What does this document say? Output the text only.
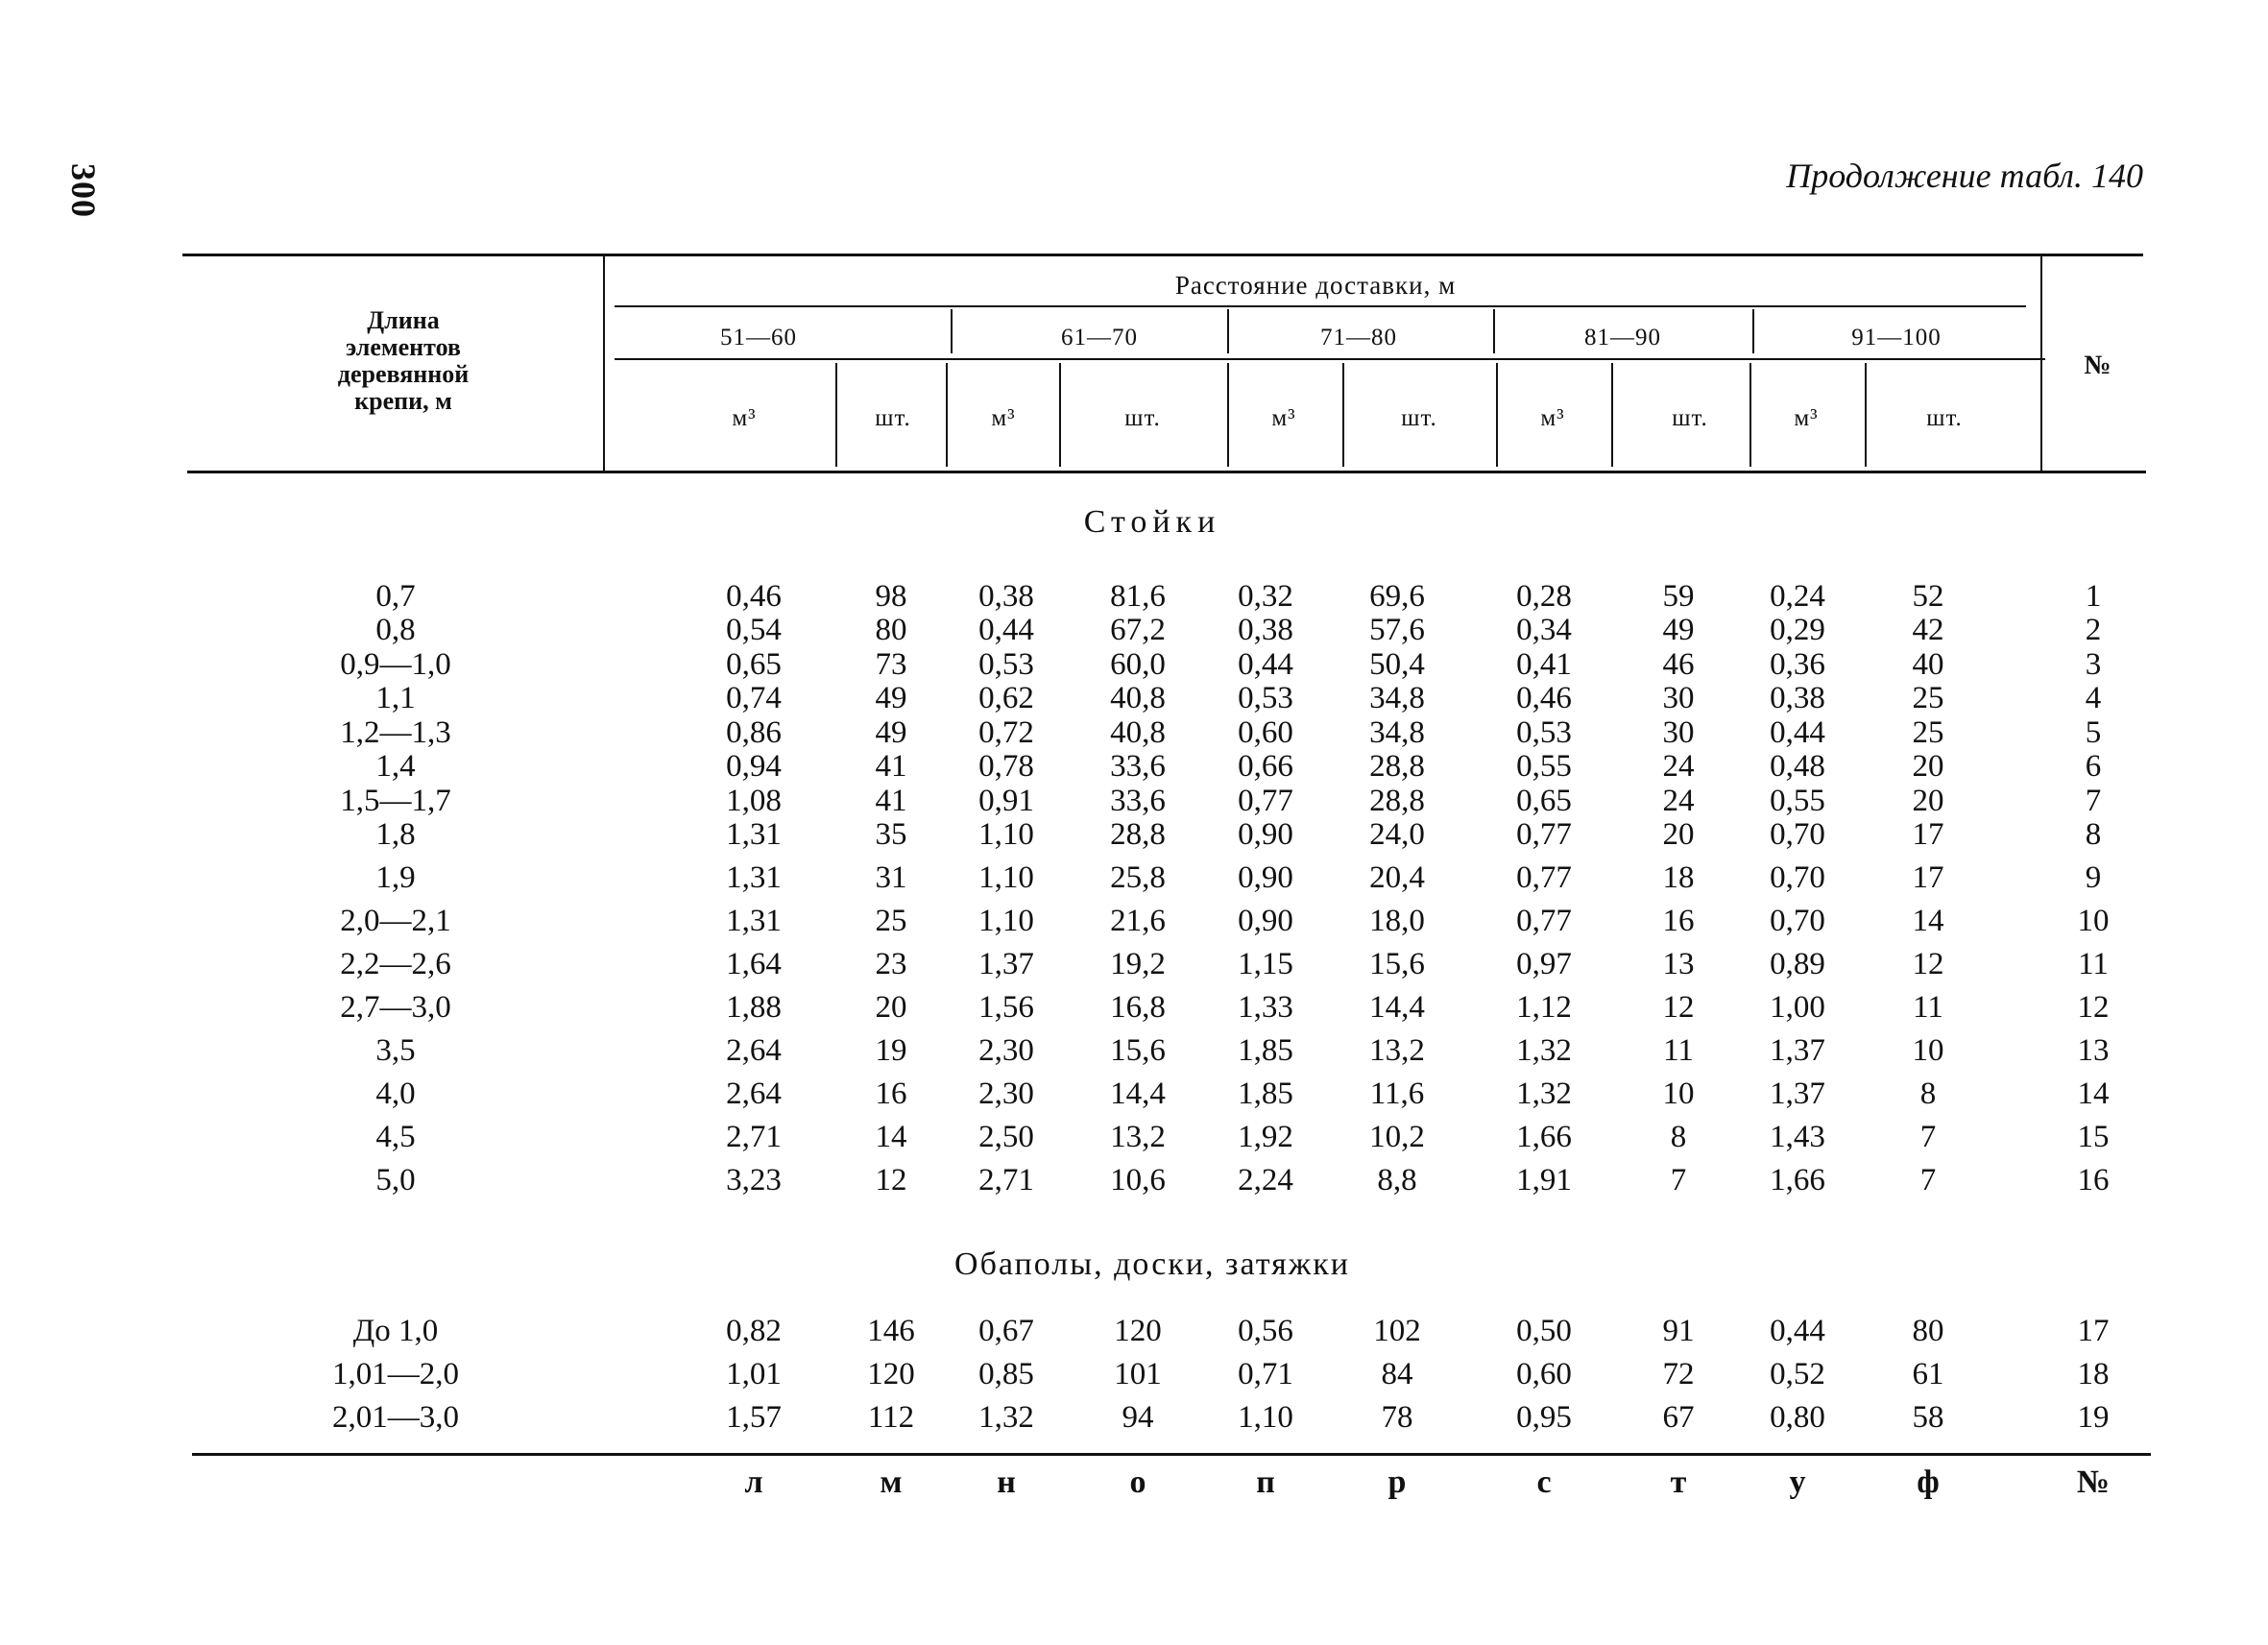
300	Продолжение табл. 140
Длина
элементов
деревянной
крепи, м
Расстояние доставки, м
51—60	61—70	71—80	81—90	91—100
м³	шт.	м³	шт.	м³	шт.	м³	шт.	м³	шт.
№
Стойки
Обаполы, доски, затяжки
0,7	0,46	98	0,38	81,6	0,32	69,6	0,28	59	0,24	52	1
0,8	0,54	80	0,44	67,2	0,38	57,6	0,34	49	0,29	42	2
0,9—1,0	0,65	73	0,53	60,0	0,44	50,4	0,41	46	0,36	40	3
1,1	0,74	49	0,62	40,8	0,53	34,8	0,46	30	0,38	25	4
1,2—1,3	0,86	49	0,72	40,8	0,60	34,8	0,53	30	0,44	25	5
1,4	0,94	41	0,78	33,6	0,66	28,8	0,55	24	0,48	20	6
1,5—1,7	1,08	41	0,91	33,6	0,77	28,8	0,65	24	0,55	20	7
1,8	1,31	35	1,10	28,8	0,90	24,0	0,77	20	0,70	17	8
1,9	1,31	31	1,10	25,8	0,90	20,4	0,77	18	0,70	17	9
2,0—2,1	1,31	25	1,10	21,6	0,90	18,0	0,77	16	0,70	14	10
2,2—2,6	1,64	23	1,37	19,2	1,15	15,6	0,97	13	0,89	12	11
2,7—3,0	1,88	20	1,56	16,8	1,33	14,4	1,12	12	1,00	11	12
3,5	2,64	19	2,30	15,6	1,85	13,2	1,32	11	1,37	10	13
4,0	2,64	16	2,30	14,4	1,85	11,6	1,32	10	1,37	8	14
4,5	2,71	14	2,50	13,2	1,92	10,2	1,66	8	1,43	7	15
5,0	3,23	12	2,71	10,6	2,24	8,8	1,91	7	1,66	7	16
До 1,0	0,82	146	0,67	120	0,56	102	0,50	91	0,44	80	17
1,01—2,0	1,01	120	0,85	101	0,71	84	0,60	72	0,52	61	18
2,01—3,0	1,57	112	1,32	94	1,10	78	0,95	67	0,80	58	19
л	м	н	о	п	р	с	т	у	ф	№
